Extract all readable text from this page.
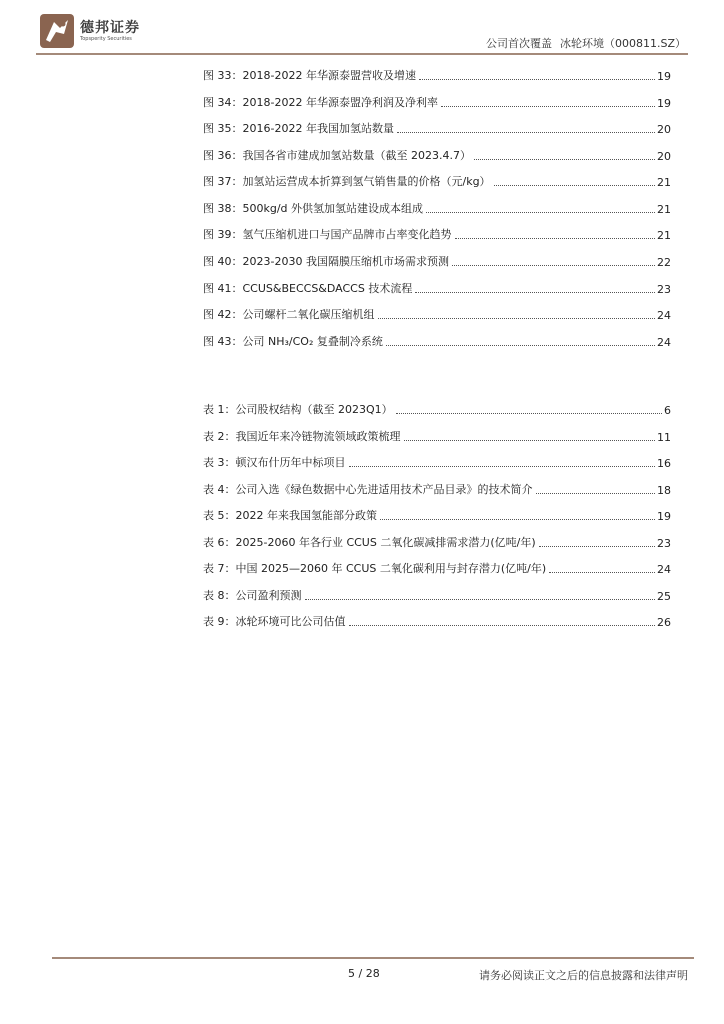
德邦证券
Topsperity Securities	公司首次覆盖 冰轮环境（000811.SZ）
图 33：2018-2022 年华源泰盟营收及增速	19
图 34：2018-2022 年华源泰盟净利润及净利率	19
图 35：2016-2022 年我国加氢站数量	20
图 36：我国各省市建成加氢站数量（截至 2023.4.7）	20
图 37：加氢站运营成本折算到氢气销售量的价格（元/kg）	21
图 38：500kg/d 外供氢加氢站建设成本组成	21
图 39：氢气压缩机进口与国产品牌市占率变化趋势	21
图 40：2023-2030 我国隔膜压缩机市场需求预测	22
图 41：CCUS&BECCS&DACCS 技术流程	23
图 42：公司螺杆二氧化碳压缩机组	24
图 43：公司 NH₃/CO₂ 复叠制冷系统	24
表 1：公司股权结构（截至 2023Q1）	6
表 2：我国近年来冷链物流领域政策梳理	11
表 3：顿汉布什历年中标项目	16
表 4：公司入选《绿色数据中心先进适用技术产品目录》的技术简介	18
表 5：2022 年来我国氢能部分政策	19
表 6：2025-2060 年各行业 CCUS 二氧化碳减排需求潜力(亿吨/年)	23
表 7：中国 2025—2060 年 CCUS 二氧化碳利用与封存潜力(亿吨/年)	24
表 8：公司盈利预测	25
表 9：冰轮环境可比公司估值	26
5 / 28	请务必阅读正文之后的信息披露和法律声明
